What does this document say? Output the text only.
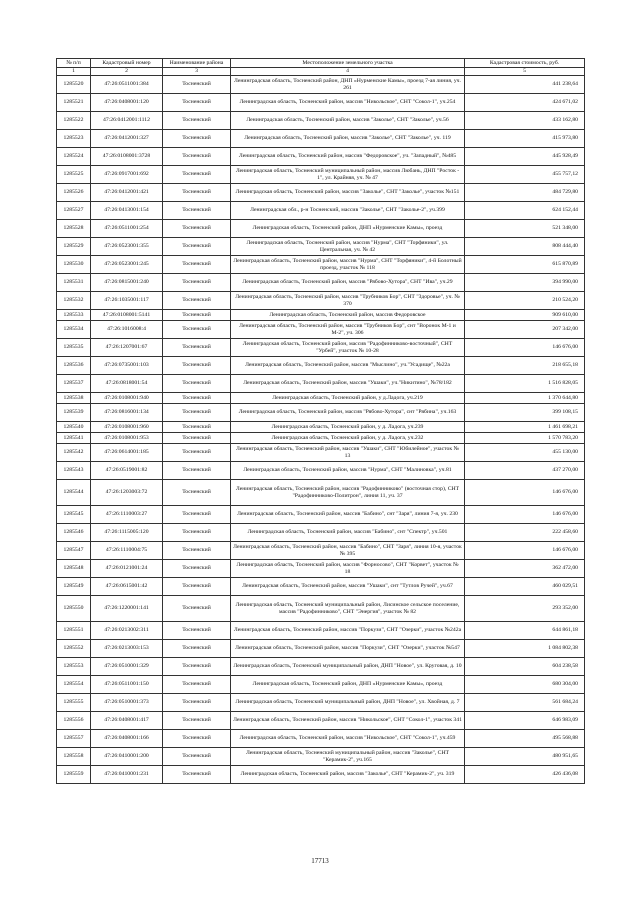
№ п/п	Кадастровый номер	Наименование района	Местоположение земельного участка	Кадастровая стоимость, руб.
1	2	3	4	5
1285520	47:26:0511001:384	Тосненский	Ленинградская область, Тосненский район, ДНП «Нурменские Камы», проезд 7-ая линия, уч. 261	441 238,64
1285521	47:26:0408001:120	Тосненский	Ленинградская область, Тосненский район, массив "Никольское", СНТ "Сокол-1", уч.254	424 671,02
1285522	47:26:0412001:1112	Тосненский	Ленинградская область, Тосненский район, массив "Заколье", СНТ "Заколье", уч.56	433 162,80
1285523	47:26:0412001:327	Тосненский	Ленинградская область, Тосненский район, массив "Заколье", СНТ "Заколье", уч. 119	415 973,80
1285524	47:26:0108001:3728	Тосненский	Ленинградская область, Тосненский район, массив "Федоровское", уч. "Западный", №485	445 928,49
1285525	47:26:0917001:692	Тосненский	Ленинградская область, Тосненский муниципальный район, массив Любань, ДНП "Росток - 1", ул. Крайняя, уч. № 47	455 757,12
1285526	47:26:0412001:421	Тосненский	Ленинградская область, Тосненский район, массив "Заколье", СНТ "Заколье", участок №151	484 729,80
1285527	47:26:0413001:154	Тосненский	Ленинградская обл., р-н Тосненский, массив "Заколье", СНТ "Заколье-2", уч.399	624 152,44
1285528	47:26:0511001:254	Тосненский	Ленинградская область, Тосненский район, ДНП «Нурменские Камы», проезд	521 348,00
1285529	47:26:0523001:355	Тосненский	Ленинградская область, Тосненский район, массив "Нурма", СНТ "Торфяники", ул. Центральная, уч. № 42	808 444,40
1285530	47:26:0523001:245	Тосненский	Ленинградская область, Тосненский район, массив "Нурма", СНТ "Торфяники", 4-й Болотный проезд, участок № 118	615 870,89
1285531	47:26:0815001:240	Тосненский	Ленинградская область, Тосненский район, массив "Рябово-Хутора", СНТ "Ива", уч.29	394 990,00
1285532	47:26:1035001:117	Тосненский	Ленинградская область, Тосненский район, массив "Трубников Бор", СНТ "Здоровье", уч. № 370	210 524,20
1285533	47:26:0108001:5141	Тосненский	Ленинградская область, Тосненский район, массив Федоровское	909 610,00
1285534	47:26:1016008:4	Тосненский	Ленинградская область, Тосненский район, массив "Трубников Бор", снт "Воронок М-1 и М-2", уч. 306	207 342,00
1285535	47:26:1207001:67	Тосненский	Ленинградская область, Тосненский район, массив "Радофинниково-восточный", СНТ "Урбей", участок № 10-28	146 676,00
1285536	47:26:0735001:103	Тосненский	Ленинградская область, Тосненский район, массив "Мыслино", уч."Усадище", №22а	218 655,18
1285537	47:26:0818001:54	Тосненский	Ленинградская область, Тосненский район, массив "Ушаки", уч."Никитино", №78/182	1 516 828,05
1285538	47:26:0108001:940	Тосненский	Ленинградская область, Тосненский район, у д.Ладога, уч.219	1 370 644,80
1285539	47:26:0816001:134	Тосненский	Ленинградская область, Тосненский район, массив "Рябово-Хутора", снт "Рябина", уч.163	399 108,15
1285540	47:26:0108001:960	Тосненский	Ленинградская область, Тосненский район, у д. Ладога, уч.239	1 461 698,21
1285541	47:26:0108001:953	Тосненский	Ленинградская область, Тосненский район, у д. Ладога, уч.232	1 570 783,20
1285542	47:26:0614001:185	Тосненский	Ленинградская область, Тосненский район, массив "Ушаки", СНТ "Юбилейное", участок № 13	455 130,00
1285543	47:26:0519001:82	Тосненский	Ленинградская область, Тосненский район, массив "Нурма", СНТ "Малиновка", уч.81	437 270,00
1285544	47:26:1203003:72	Тосненский	Ленинградская область, Тосненский район, массив "Радофинниково" (восточная стор), СНТ "Радофинниково-Политрон", линия 11, уч. 37	146 676,00
1285545	47:26:1110003:27	Тосненский	Ленинградская область, Тосненский район, массив "Бабино", снт "Заря", линия 7-я, уч. 230	146 676,00
1285546	47:26:1115005:120	Тосненский	Ленинградская область, Тосненский район, массив "Бабино", снт "Спектр", уч.501	222 458,60
1285547	47:26:1110004:75	Тосненский	Ленинградская область, Тосненский район, массив "Бабино", СНТ "Заря", линия 10-я, участок № 395	146 676,00
1285548	47:26:0121001:24	Тосненский	Ленинградская область, Тосненский район, массив "Форносово", СНТ "Корвет", участок № 18	362 472,00
1285549	47:26:0615001:42	Тосненский	Ленинградская область, Тосненский район, массив "Ушаки", снт "Тутлов Ручей", уч.67	460 029,51
1285550	47:26:1220001:141	Тосненский	Ленинградская область, Тосненский муниципальный район, Лисинское сельское поселение, массив "Радофинниково", СНТ "Энергия", участок № 82	293 352,00
1285551	47:26:0213002:311	Тосненский	Ленинградская область, Тосненский район, массив "Поркузи", СНТ "Озерки", участок №242а	644 861,18
1285552	47:26:0213003:153	Тосненский	Ленинградская область, Тосненский район, массив "Поркузи", СНТ "Озерки", участок №547	1 084 802,38
1285553	47:26:0510001:329	Тосненский	Ленинградская область, Тосненский муниципальный район, ДНП "Новое", ул. Круговая, д. 10	604 238,58
1285554	47:26:0511001:150	Тосненский	Ленинградская область, Тосненский район, ДНП «Нурменские Камы», проезд	680 304,00
1285555	47:26:0510001:373	Тосненский	Ленинградская область, Тосненский муниципальный район, ДНП "Новое", ул. Хвойная, д. 7	561 684,24
1285556	47:26:0408001:417	Тосненский	Ленинградская область, Тосненский район, массив "Никольское", СНТ "Сокол-1", участок 341	646 983,09
1285557	47:26:0408001:166	Тосненский	Ленинградская область, Тосненский район, массив "Никольское", СНТ "Сокол-1", уч.459	495 568,88
1285558	47:26:0410001:200	Тосненский	Ленинградская область, Тосненский муниципальный район, массив "Заколье", СНТ "Керамик-2", уч.165	480 951,65
1285559	47:26:0410001:231	Тосненский	Ленинградская область, Тосненский район, массив "Заколье", СНТ "Керамик-2", уч. 319	426 436,08
17713
